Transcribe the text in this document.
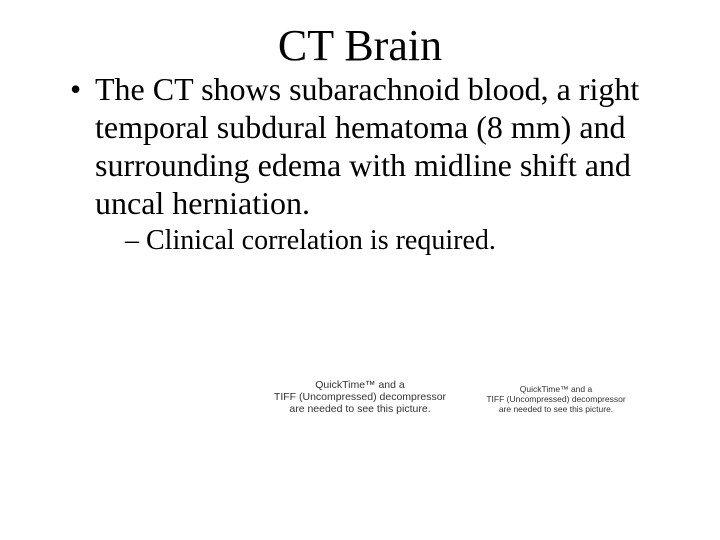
CT Brain
• The CT shows subarachnoid blood, a right temporal subdural hematoma (8 mm) and surrounding edema with midline shift and uncal herniation.
– Clinical correlation is required.
QuickTime™ and a
TIFF (Uncompressed) decompressor
are needed to see this picture.
QuickTime™ and a
TIFF (Uncompressed) decompressor
are needed to see this picture.
